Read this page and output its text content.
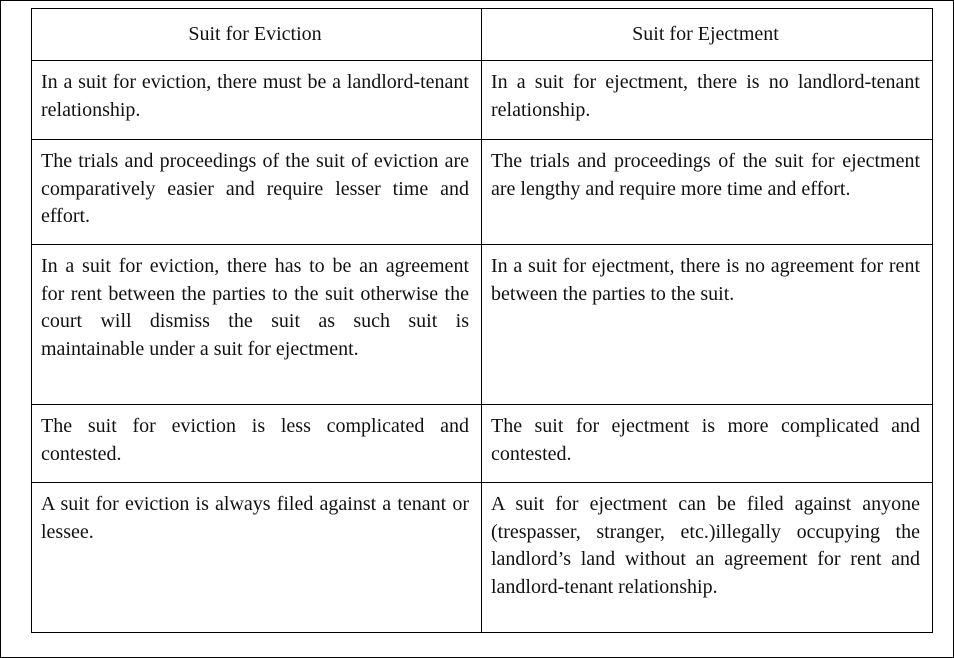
Suit for Eviction	Suit for Ejectment
In a suit for eviction, there must be a landlord-tenant relationship.	In a suit for ejectment, there is no landlord-tenant relationship.
The trials and proceedings of the suit of eviction are comparatively easier and require lesser time and effort.	The trials and proceedings of the suit for ejectment are lengthy and require more time and effort.
In a suit for eviction, there has to be an agreement for rent between the parties to the suit otherwise the court will dismiss the suit as such suit is maintainable under a suit for ejectment.	In a suit for ejectment, there is no agreement for rent between the parties to the suit.
The suit for eviction is less complicated and contested.	The suit for ejectment is more complicated and contested.
A suit for eviction is always filed against a tenant or lessee.	A suit for ejectment can be filed against anyone (trespasser, stranger, etc.)illegally occupying the landlord’s land without an agreement for rent and landlord-tenant relationship.
